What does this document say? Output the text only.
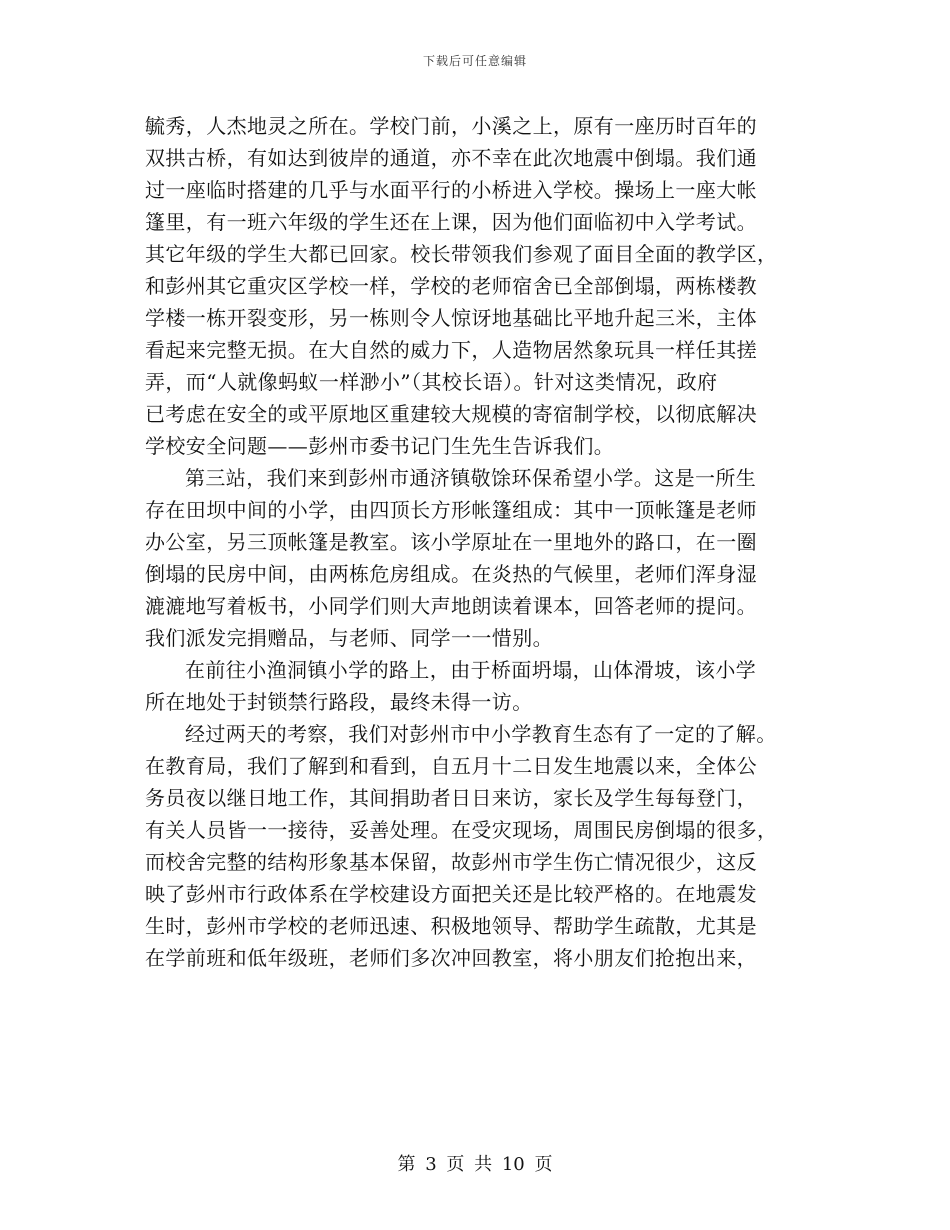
下载后可任意编辑
毓秀，人杰地灵之所在。学校门前，小溪之上，原有一座历时百年的
双拱古桥，有如达到彼岸的通道，亦不幸在此次地震中倒塌。我们通
过一座临时搭建的几乎与水面平行的小桥进入学校。操场上一座大帐
篷里，有一班六年级的学生还在上课，因为他们面临初中入学考试。
其它年级的学生大都已回家。校长带领我们参观了面目全面的教学区，
和彭州其它重灾区学校一样，学校的老师宿舍已全部倒塌，两栋楼教
学楼一栋开裂变形，另一栋则令人惊讶地基础比平地升起三米，主体
看起来完整无损。在大自然的威力下，人造物居然象玩具一样任其搓
弄，而“人就像蚂蚁一样渺小”（其校长语）。针对这类情况，政府
已考虑在安全的或平原地区重建较大规模的寄宿制学校，以彻底解决
学校安全问题——彭州市委书记门生先生告诉我们。
第三站，我们来到彭州市通济镇敬馀环保希望小学。这是一所生
存在田坝中间的小学，由四顶长方形帐篷组成：其中一顶帐篷是老师
办公室，另三顶帐篷是教室。该小学原址在一里地外的路口，在一圈
倒塌的民房中间，由两栋危房组成。在炎热的气候里，老师们浑身湿
漉漉地写着板书，小同学们则大声地朗读着课本，回答老师的提问。
我们派发完捐赠品，与老师、同学一一惜别。
在前往小渔洞镇小学的路上，由于桥面坍塌，山体滑坡，该小学
所在地处于封锁禁行路段，最终未得一访。
经过两天的考察，我们对彭州市中小学教育生态有了一定的了解。
在教育局，我们了解到和看到，自五月十二日发生地震以来，全体公
务员夜以继日地工作，其间捐助者日日来访，家长及学生每每登门，
有关人员皆一一接待，妥善处理。在受灾现场，周围民房倒塌的很多，
而校舍完整的结构形象基本保留，故彭州市学生伤亡情况很少，这反
映了彭州市行政体系在学校建设方面把关还是比较严格的。在地震发
生时，彭州市学校的老师迅速、积极地领导、帮助学生疏散，尤其是
在学前班和低年级班，老师们多次冲回教室，将小朋友们抢抱出来，
第 3 页 共 10 页
